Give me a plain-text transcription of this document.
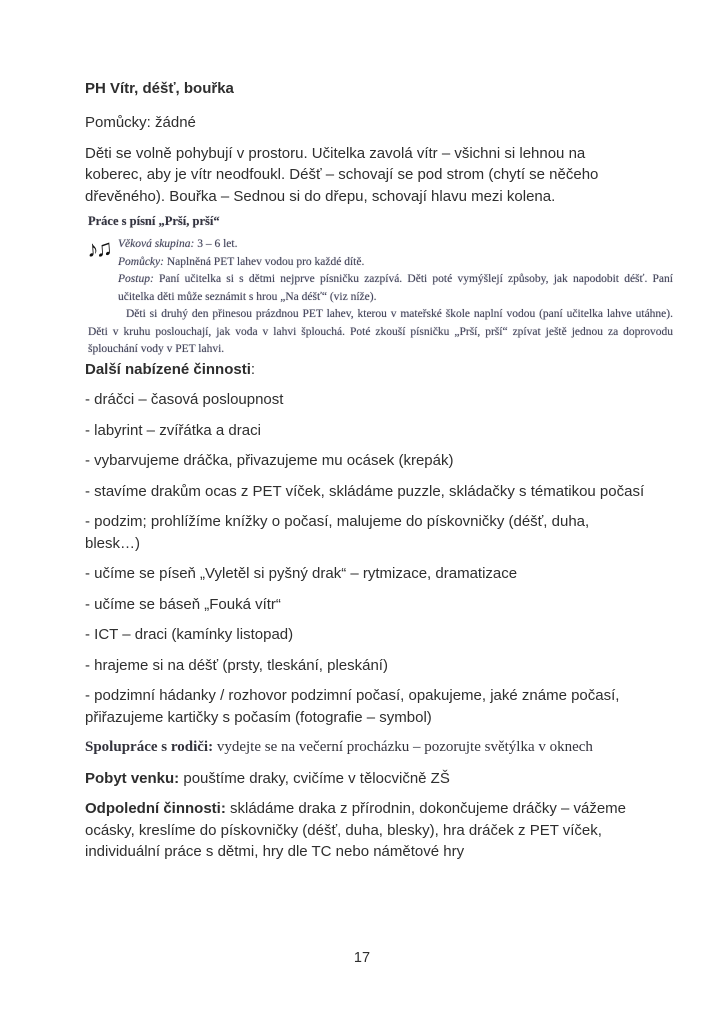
PH Vítr, déšť, bouřka

Pomůcky: žádné

Děti se volně pohybují v prostoru. Učitelka zavolá vítr – všichni si lehnou na koberec, aby je vítr neodfoukl. Déšť – schovají se pod strom (chytí se něčeho dřevěného). Bouřka – Sednou si do dřepu, schovají hlavu mezi kolena.

Práce s písní „Prší, prší“

♪♫ Věková skupina: 3 – 6 let.

Pomůcky: Naplněná PET lahev vodou pro každé dítě.

Postup: Paní učitelka si s dětmi nejprve písničku zazpívá. Děti poté vymýšlejí způsoby, jak napodobit déšť. Paní učitelka děti může seznámit s hrou „Na déšť“ (viz níže).

Děti si druhý den přinesou prázdnou PET lahev, kterou v mateřské škole naplní vodou (paní učitelka lahve utáhne). Děti v kruhu poslouchají, jak voda v lahvi šplouchá. Poté zkouší písničku „Prší, prší“ zpívat ještě jednou za doprovodu šplouchání vody v PET lahvi.

Další nabízené činnosti:

- dráčci – časová posloupnost

- labyrint – zvířátka a draci

- vybarvujeme dráčka, přivazujeme mu ocásek (krepák)

- stavíme drakům ocas z PET víček, skládáme puzzle, skládačky s tématikou počasí

- podzim; prohlížíme knížky o počasí, malujeme do pískovničky (déšť, duha, blesk…)

- učíme se píseň „Vyletěl si pyšný drak“ – rytmizace, dramatizace

- učíme se báseň „Fouká vítr“

- ICT – draci (kamínky listopad)

- hrajeme si na déšť (prsty, tleskání, pleskání)

- podzimní hádanky / rozhovor podzimní počasí, opakujeme, jaké známe počasí, přiřazujeme kartičky s počasím (fotografie – symbol)

Spolupráce s rodiči: vydejte se na večerní procházku – pozorujte světýlka v oknech

Pobyt venku: pouštíme draky, cvičíme v tělocvičně ZŠ

Odpolední činnosti: skládáme draka z přírodnin, dokončujeme dráčky – vážeme ocásky, kreslíme do pískovničky (déšť, duha, blesky), hra dráček z PET víček, individuální práce s dětmi, hry dle TC nebo námětové hry

17
